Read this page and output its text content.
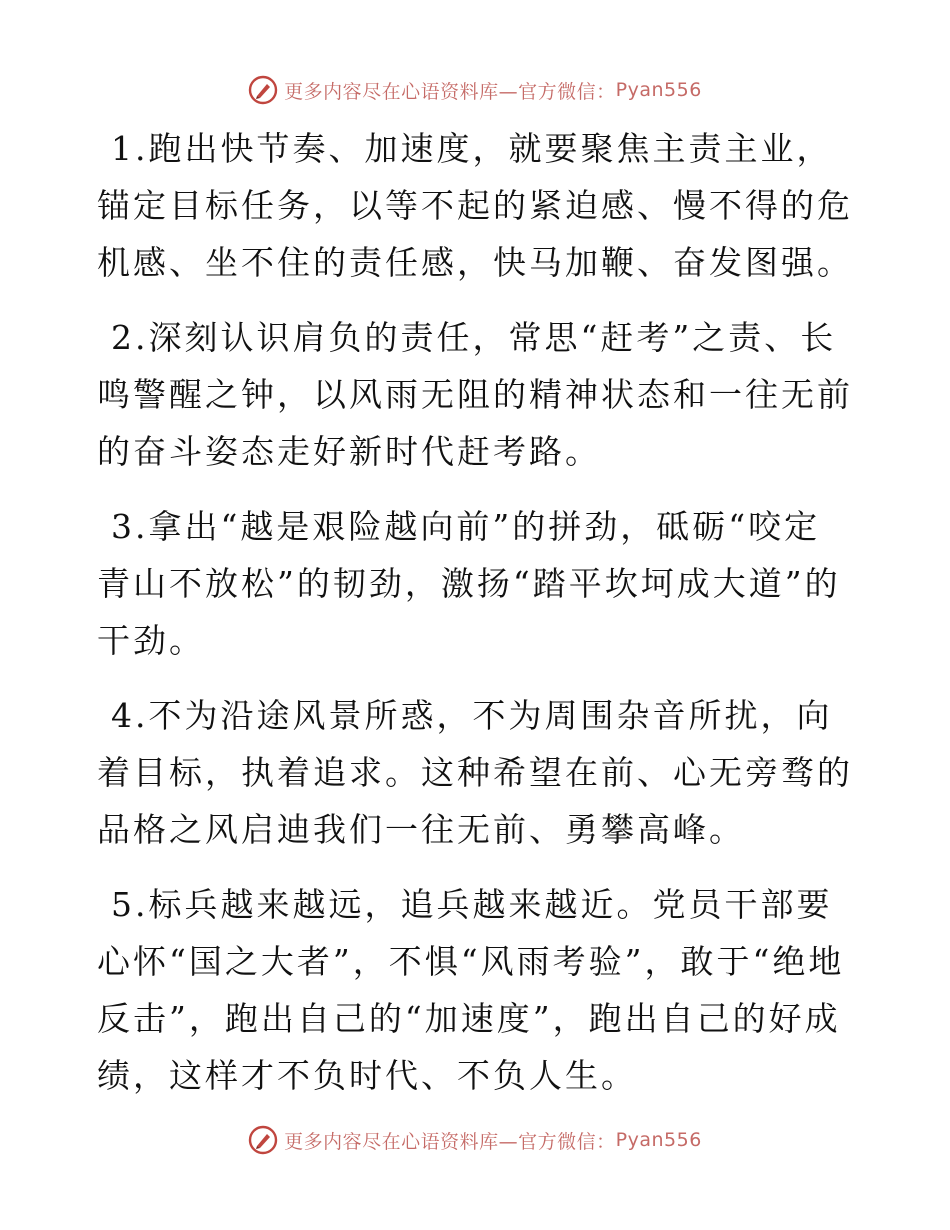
更多内容尽在心语资料库—官方微信： Pyan556

1.跑出快节奏、加速度，就要聚焦主责主业，锚定目标任务，以等不起的紧迫感、慢不得的危机感、坐不住的责任感，快马加鞭、奋发图强。

2.深刻认识肩负的责任，常思“赶考”之责、长鸣警醒之钟，以风雨无阻的精神状态和一往无前的奋斗姿态走好新时代赶考路。

3.拿出“越是艰险越向前”的拼劲，砥砺“咬定青山不放松”的韧劲，激扬“踏平坎坷成大道”的干劲。

4.不为沿途风景所惑，不为周围杂音所扰，向着目标，执着追求。这种希望在前、心无旁骛的品格之风启迪我们一往无前、勇攀高峰。

5.标兵越来越远，追兵越来越近。党员干部要心怀“国之大者”，不惧“风雨考验”，敢于“绝地反击”，跑出自己的“加速度”，跑出自己的好成绩，这样才不负时代、不负人生。

更多内容尽在心语资料库—官方微信： Pyan556
